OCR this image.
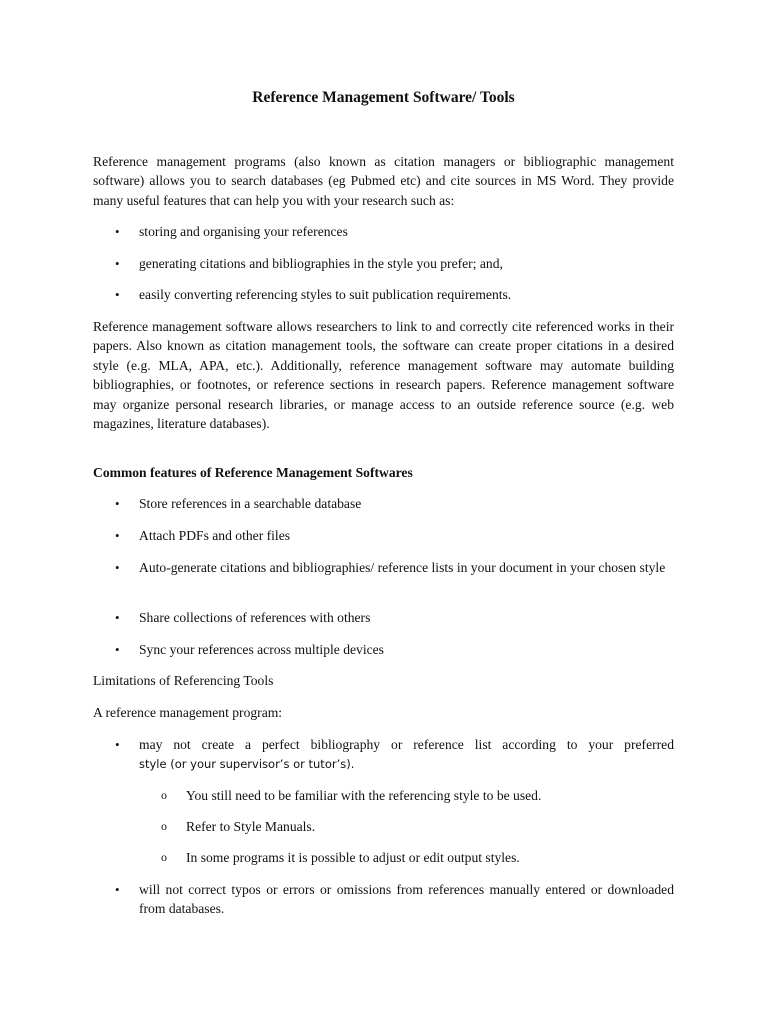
Reference Management Software/ Tools

Reference management programs (also known as citation managers or bibliographic management software) allows you to search databases (eg Pubmed etc) and cite sources in MS Word. They provide many useful features that can help you with your research such as:

• storing and organising your references
• generating citations and bibliographies in the style you prefer; and,
• easily converting referencing styles to suit publication requirements.

Reference management software allows researchers to link to and correctly cite referenced works in their papers. Also known as citation management tools, the software can create proper citations in a desired style (e.g. MLA, APA, etc.). Additionally, reference management software may automate building bibliographies, or footnotes, or reference sections in research papers. Reference management software may organize personal research libraries, or manage access to an outside reference source (e.g. web magazines, literature databases).

Common features of Reference Management Softwares

• Store references in a searchable database
• Attach PDFs and other files
• Auto-generate citations and bibliographies/ reference lists in your document in your chosen style
• Share collections of references with others
• Sync your references across multiple devices

Limitations of Referencing Tools

A reference management program:

• may not create a perfect bibliography or reference list according to your preferred
style (or your supervisor’s or tutor’s).
o You still need to be familiar with the referencing style to be used.
o Refer to Style Manuals.
o In some programs it is possible to adjust or edit output styles.
• will not correct typos or errors or omissions from references manually entered or downloaded from databases.
